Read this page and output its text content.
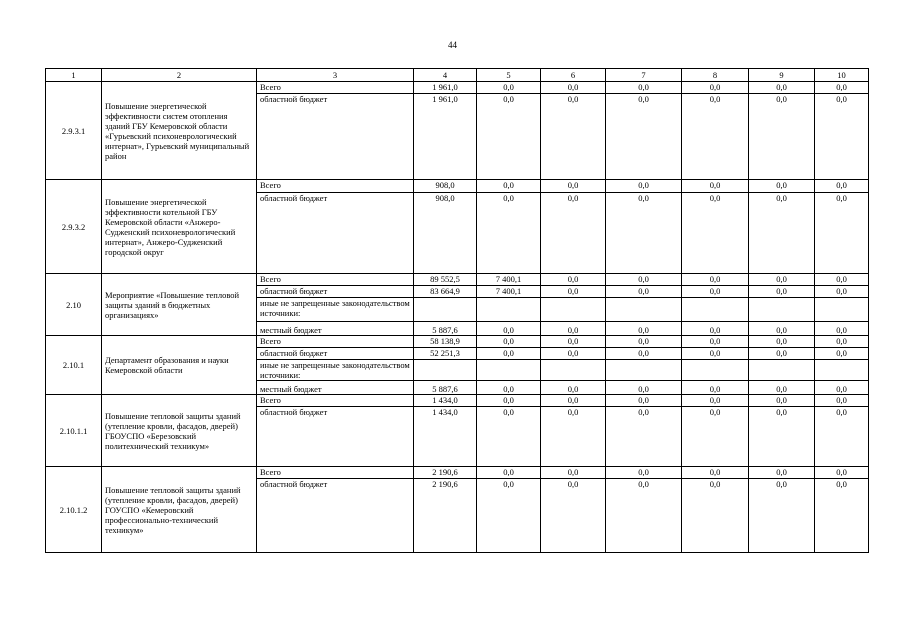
44
1	2	3	4	5	6	7	8	9	10
2.9.3.1	Повышение энергетической эффективности систем отопления зданий ГБУ Кемеровской области «Гурьевский психоневрологический интернат», Гурьевский муниципальный район	Всего	1 961,0	0,0	0,0	0,0	0,0	0,0	0,0
		областной бюджет	1 961,0	0,0	0,0	0,0	0,0	0,0	0,0
2.9.3.2	Повышение энергетической эффективности котельной ГБУ Кемеровской области «Анжеро-Судженский психоневрологический интернат», Анжеро-Судженский городской округ	Всего	908,0	0,0	0,0	0,0	0,0	0,0	0,0
		областной бюджет	908,0	0,0	0,0	0,0	0,0	0,0	0,0
2.10	Мероприятие «Повышение тепловой защиты зданий в бюджетных организациях»	Всего	89 552,5	7 400,1	0,0	0,0	0,0	0,0	0,0
		областной бюджет	83 664,9	7 400,1	0,0	0,0	0,0	0,0	0,0
		иные не запрещенные законодательством источники:							
		местный бюджет	5 887,6	0,0	0,0	0,0	0,0	0,0	0,0
2.10.1	Департамент образования и науки Кемеровской области	Всего	58 138,9	0,0	0,0	0,0	0,0	0,0	0,0
		областной бюджет	52 251,3	0,0	0,0	0,0	0,0	0,0	0,0
		иные не запрещенные законодательством источники:							
		местный бюджет	5 887,6	0,0	0,0	0,0	0,0	0,0	0,0
2.10.1.1	Повышение тепловой защиты зданий (утепление кровли, фасадов, дверей) ГБОУСПО «Березовский политехнический техникум»	Всего	1 434,0	0,0	0,0	0,0	0,0	0,0	0,0
		областной бюджет	1 434,0	0,0	0,0	0,0	0,0	0,0	0,0
2.10.1.2	Повышение тепловой защиты зданий (утепление кровли, фасадов, дверей) ГОУСПО «Кемеровский профессионально-технический техникум»	Всего	2 190,6	0,0	0,0	0,0	0,0	0,0	0,0
		областной бюджет	2 190,6	0,0	0,0	0,0	0,0	0,0	0,0
